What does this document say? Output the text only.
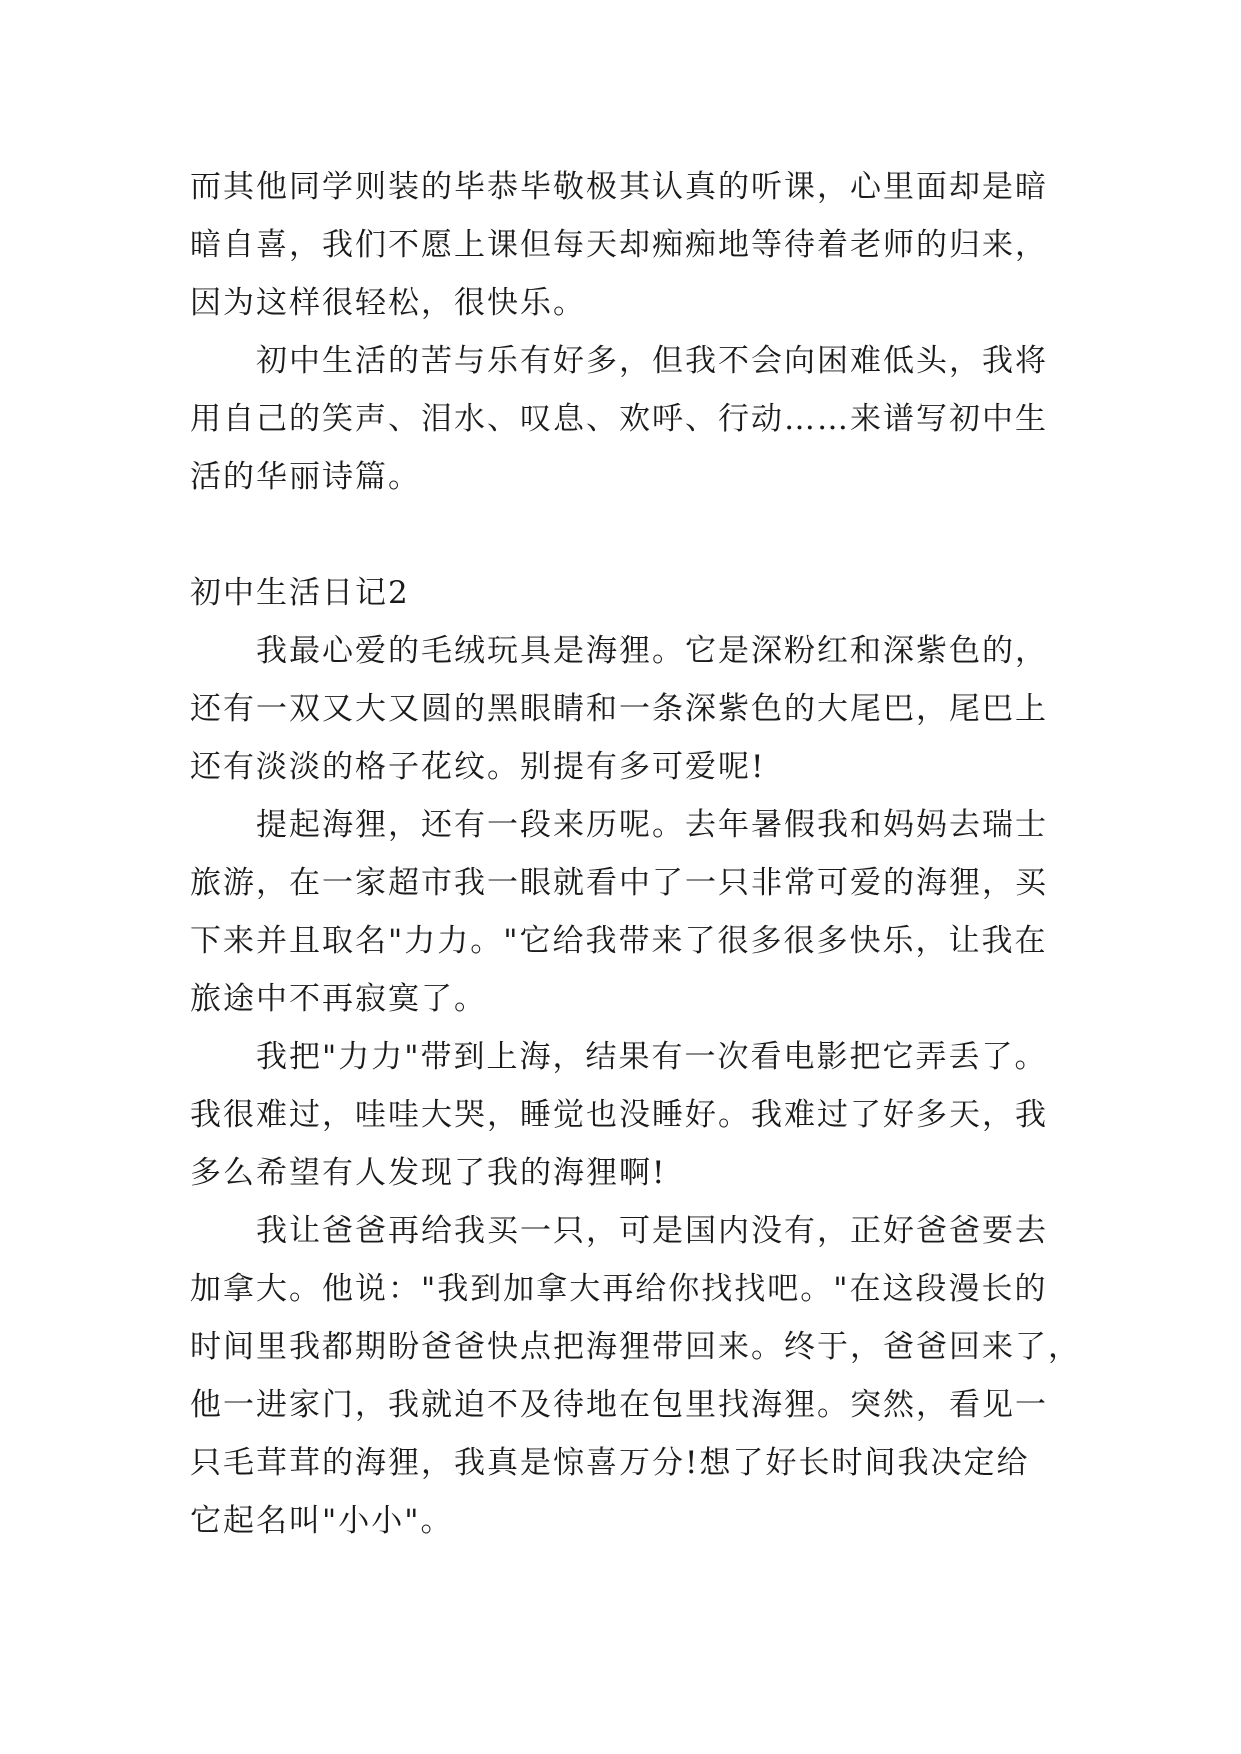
而其他同学则装的毕恭毕敬极其认真的听课，心里面却是暗
暗自喜，我们不愿上课但每天却痴痴地等待着老师的归来，
因为这样很轻松，很快乐。
初中生活的苦与乐有好多，但我不会向困难低头，我将
用自己的笑声、泪水、叹息、欢呼、行动……来谱写初中生
活的华丽诗篇。
初中生活日记2
我最心爱的毛绒玩具是海狸。它是深粉红和深紫色的，
还有一双又大又圆的黑眼睛和一条深紫色的大尾巴，尾巴上
还有淡淡的格子花纹。别提有多可爱呢!
提起海狸，还有一段来历呢。去年暑假我和妈妈去瑞士
旅游，在一家超市我一眼就看中了一只非常可爱的海狸，买
下来并且取名"力力。"它给我带来了很多很多快乐，让我在
旅途中不再寂寞了。
我把"力力"带到上海，结果有一次看电影把它弄丢了。
我很难过，哇哇大哭，睡觉也没睡好。我难过了好多天，我
多么希望有人发现了我的海狸啊!
我让爸爸再给我买一只，可是国内没有，正好爸爸要去
加拿大。他说："我到加拿大再给你找找吧。"在这段漫长的
时间里我都期盼爸爸快点把海狸带回来。终于，爸爸回来了，
他一进家门，我就迫不及待地在包里找海狸。突然，看见一
只毛茸茸的海狸，我真是惊喜万分!想了好长时间我决定给
它起名叫"小小"。
